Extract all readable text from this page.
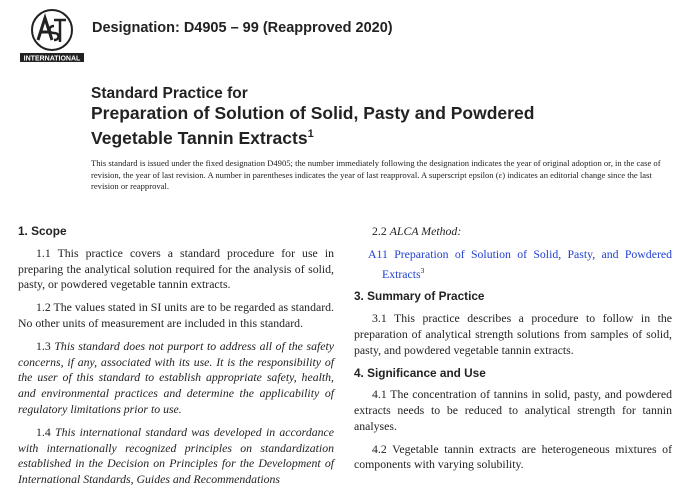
INTERNATIONAL
Designation: D4905 – 99 (Reapproved 2020)
Standard Practice for
Preparation of Solution of Solid, Pasty and Powdered
Vegetable Tannin Extracts$^1$
This standard is issued under the fixed designation D4905; the number immediately following the designation indicates the year of original adoption or, in the case of revision, the year of last revision. A number in parentheses indicates the year of last reapproval. A superscript epsilon (ε) indicates an editorial change since the last revision or reapproval.
1. Scope

1.1 This practice covers a standard procedure for use in preparing the analytical solution required for the analysis of solid, pasty, or powdered vegetable tannin extracts.

1.2 The values stated in SI units are to be regarded as standard. No other units of measurement are included in this standard.

1.3 This standard does not purport to address all of the safety concerns, if any, associated with its use. It is the responsibility of the user of this standard to establish appropriate safety, health, and environmental practices and determine the applicability of regulatory limitations prior to use.

1.4 This international standard was developed in accordance with internationally recognized principles on standardization established in the Decision on Principles for the Development of International Standards, Guides and Recommendations

2.2 ALCA Method:

A11 Preparation of Solution of Solid, Pasty, and Powdered Extracts$^3$
3. Summary of Practice

3.1 This practice describes a procedure to follow in the preparation of analytical strength solutions from samples of solid, pasty, and powdered vegetable tannin extracts.

4. Significance and Use

4.1 The concentration of tannins in solid, pasty, and powdered extracts needs to be reduced to analytical strength for tannin analyses.

4.2 Vegetable tannin extracts are heterogeneous mixtures of components with varying solubility.
